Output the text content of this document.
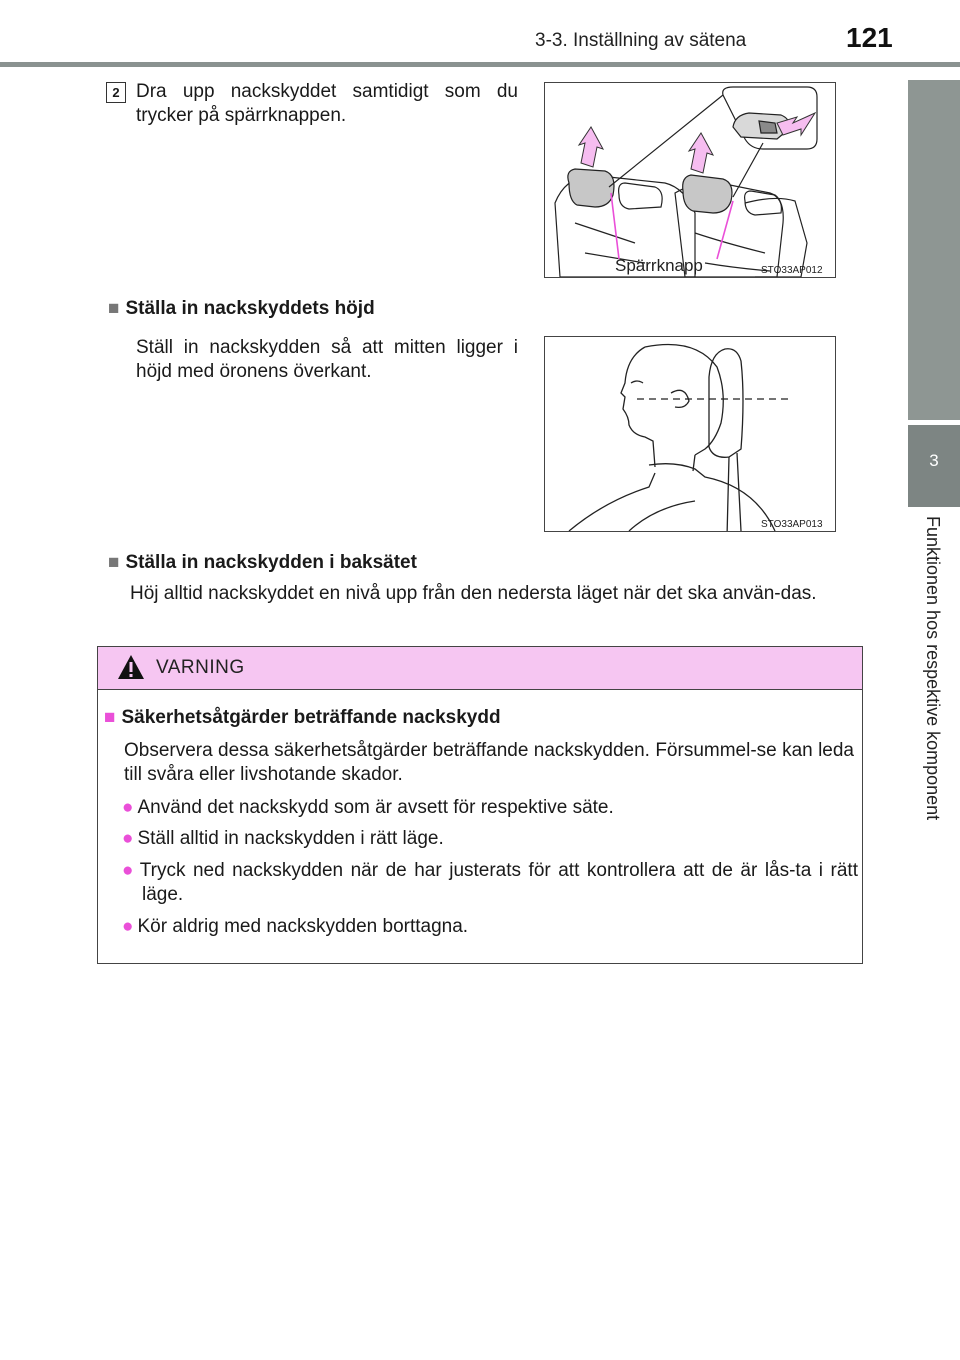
3-3. Inställning av sätena	121
3
Funktionen hos respektive komponent
2 Dra upp nackskyddet samtidigt som du trycker på spärrknappen.
Spärrknapp	STO33AP012
■ Ställa in nackskyddets höjd
Ställ in nackskydden så att mitten ligger i höjd med öronens överkant.
STO33AP013
■ Ställa in nackskydden i baksätet
Höj alltid nackskyddet en nivå upp från den nedersta läget när det ska använ-das.
VARNING
■ Säkerhetsåtgärder beträffande nackskydd
Observera dessa säkerhetsåtgärder beträffande nackskydden. Försummel-se kan leda till svåra eller livshotande skador.
● Använd det nackskydd som är avsett för respektive säte.
● Ställ alltid in nackskydden i rätt läge.
● Tryck ned nackskydden när de har justerats för att kontrollera att de är lås-ta i rätt läge.
● Kör aldrig med nackskydden borttagna.
